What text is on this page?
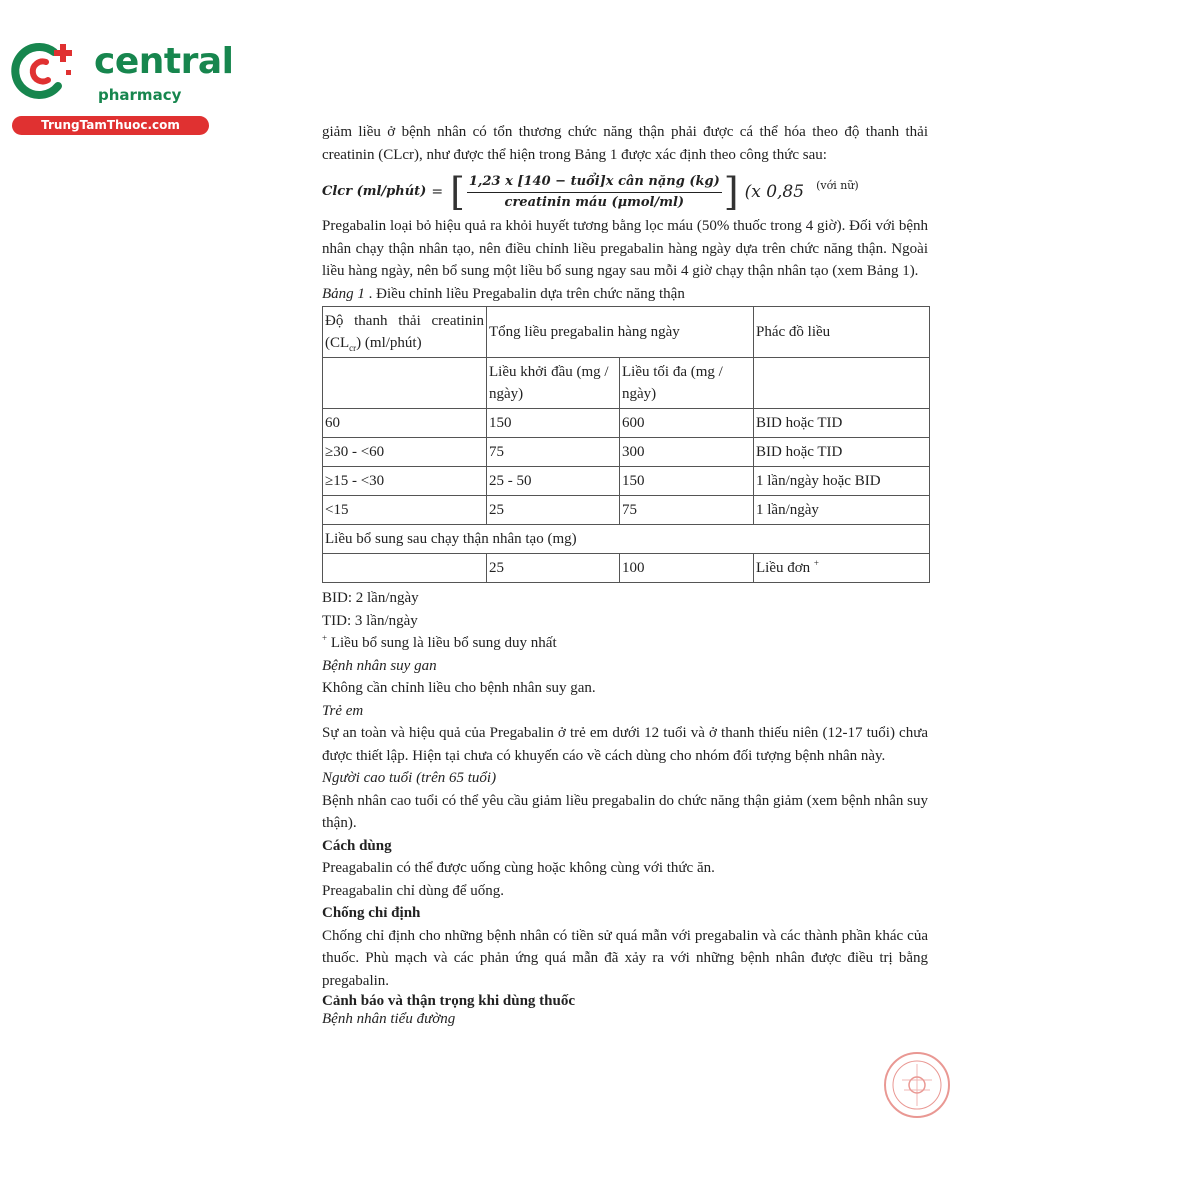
central
pharmacy
TrungTamThuoc.com	giảm liều ở bệnh nhân có tổn thương chức năng thận phải được cá thể hóa theo độ thanh thải creatinin (CLcr), như được thể hiện trong Bảng 1 được xác định theo công thức sau:

Clcr (ml/phút) = [ $\frac{\text{1,23 x [140 − tuổi]x cân nặng (kg)}}{\text{creatinin máu (μmol/ml)}}$ ] (x 0,85 (với nữ)

Pregabalin loại bỏ hiệu quả ra khỏi huyết tương bằng lọc máu (50% thuốc trong 4 giờ). Đối với bệnh nhân chạy thận nhân tạo, nên điều chỉnh liều pregabalin hàng ngày dựa trên chức năng thận. Ngoài liều hàng ngày, nên bổ sung một liều bổ sung ngay sau mỗi 4 giờ chạy thận nhân tạo (xem Bảng 1).

Bảng 1 . Điều chỉnh liều Pregabalin dựa trên chức năng thận

Độ thanh thải creatinin $(CL_{cr})$ (ml/phút)	Tổng liều pregabalin hàng ngày		Phác đồ liều
	Liều khởi đầu (mg / ngày)	Liều tối đa (mg / ngày)	
60	150	600	BID hoặc TID
≥30 - <60	75	300	BID hoặc TID
≥15 - <30	25 - 50	150	1 lần/ngày hoặc BID
<15	25	75	1 lần/ngày
Liều bổ sung sau chạy thận nhân tạo (mg)			
	25	100	Liều đơn +

BID: 2 lần/ngày

TID: 3 lần/ngày

+ Liều bổ sung là liều bổ sung duy nhất

Bệnh nhân suy gan

Không cần chỉnh liều cho bệnh nhân suy gan.

Trẻ em

Sự an toàn và hiệu quả của Pregabalin ở trẻ em dưới 12 tuổi và ở thanh thiếu niên (12-17 tuổi) chưa được thiết lập. Hiện tại chưa có khuyến cáo về cách dùng cho nhóm đối tượng bệnh nhân này.

Người cao tuổi (trên 65 tuổi)

Bệnh nhân cao tuổi có thể yêu cầu giảm liều pregabalin do chức năng thận giảm (xem bệnh nhân suy thận).

Cách dùng

Preagabalin có thể được uống cùng hoặc không cùng với thức ăn.

Preagabalin chỉ dùng để uống.

Chống chỉ định

Chống chỉ định cho những bệnh nhân có tiền sử quá mẫn với pregabalin và các thành phần khác của thuốc. Phù mạch và các phản ứng quá mẫn đã xảy ra với những bệnh nhân được điều trị bằng pregabalin.

Cảnh báo và thận trọng khi dùng thuốc

Bệnh nhân tiểu đường
